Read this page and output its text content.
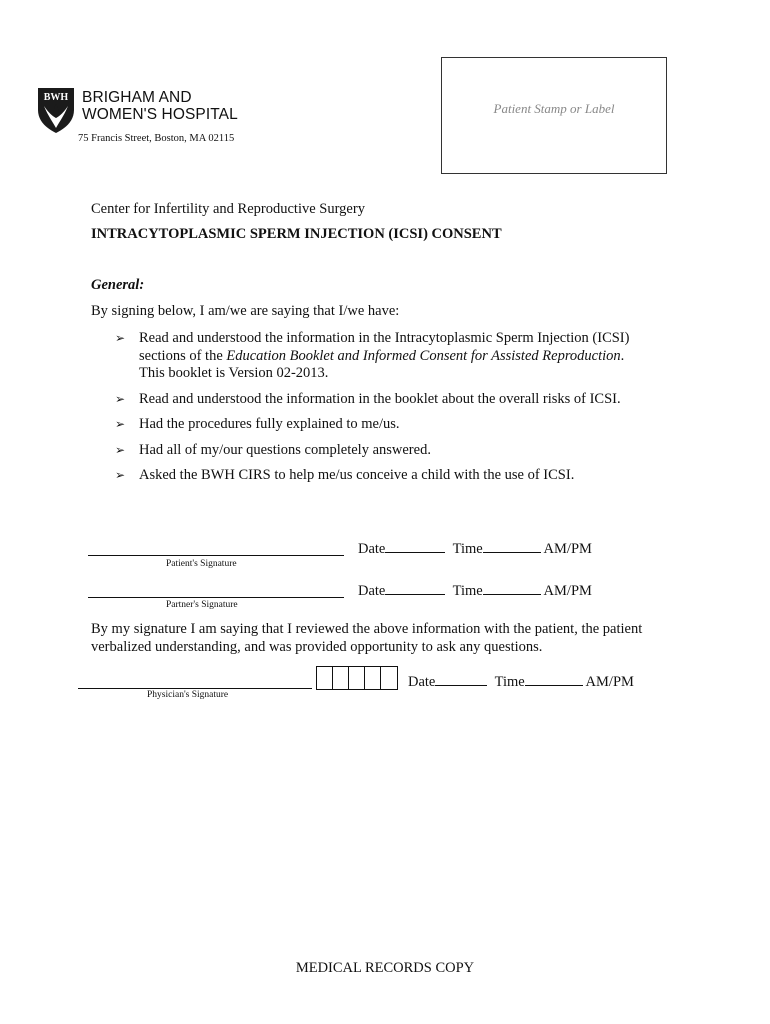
BWH BRIGHAM AND
WOMEN'S HOSPITAL
75 Francis Street, Boston, MA 02115
Patient Stamp or Label
Center for Infertility and Reproductive Surgery
INTRACYTOPLASMIC SPERM INJECTION (ICSI) CONSENT
General:
By signing below, I am/we are saying that I/we have:
➢ Read and understood the information in the Intracytoplasmic Sperm Injection (ICSI) sections of the Education Booklet and Informed Consent for Assisted Reproduction. This booklet is Version 02-2013.
➢ Read and understood the information in the booklet about the overall risks of ICSI.
➢ Had the procedures fully explained to me/us.
➢ Had all of my/our questions completely answered.
➢ Asked the BWH CIRS to help me/us conceive a child with the use of ICSI.
Date	Time	AM/PM
Patient's Signature
Date	Time	AM/PM
Partner's Signature
By my signature I am saying that I reviewed the above information with the patient, the patient verbalized understanding, and was provided opportunity to ask any questions.
Date	Time	AM/PM
Physician's Signature
MEDICAL RECORDS COPY
